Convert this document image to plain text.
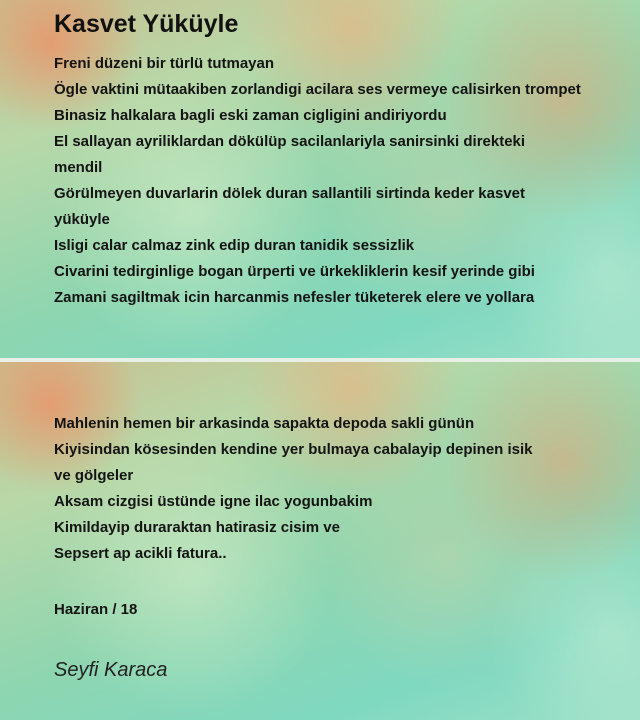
Kasvet Yüküyle
Freni düzeni bir türlü tutmayan
Ögle vaktini mütaakiben zorlandigi acilara ses vermeye calisirken trompet
Binasiz halkalara bagli eski zaman cigligini andiriyordu
El sallayan ayriliklardan dökülüp sacilanlariyla sanirsinki direkteki
mendil
Görülmeyen duvarlarin dölek duran sallantili sirtinda keder kasvet
yüküyle
Isligi calar calmaz zink edip duran tanidik sessizlik
Civarini tedirginlige bogan ürperti ve ürkekliklerin kesif yerinde gibi
Zamani sagiltmak icin harcanmis nefesler tüketerek elere ve yollara
Mahlenin hemen bir arkasinda sapakta depoda sakli günün
Kiyisindan kösesinden kendine yer bulmaya cabalayip depinen isik
ve gölgeler
Aksam cizgisi üstünde igne ilac yogunbakim
Kimildayip duraraktan hatirasiz cisim ve
Sepsert ap acikli fatura..

Haziran / 18

Seyfi Karaca
